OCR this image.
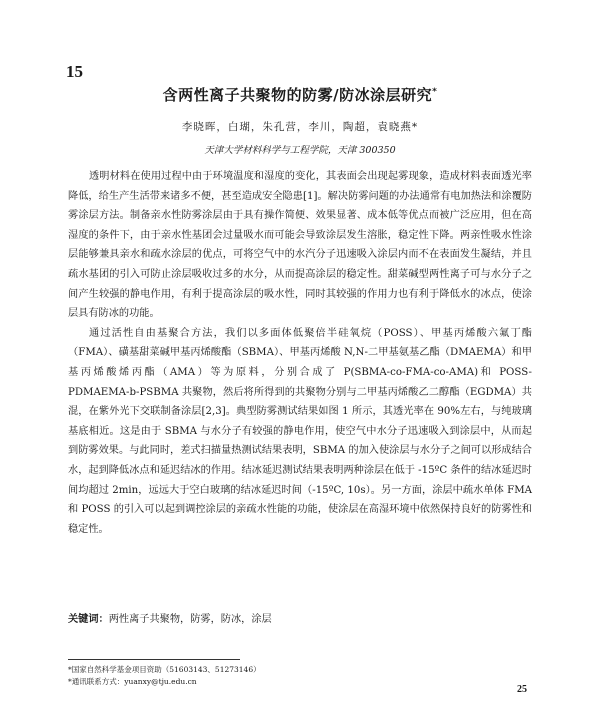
15
含两性离子共聚物的防雾/防冰涂层研究*
李晓晖，白瑚，朱孔营，李川，陶超，袁晓燕*
天津大学材料科学与工程学院，天津 300350

透明材料在使用过程中由于环境温度和湿度的变化，其表面会出现起雾现象，造成材料表面透光率降低，给生产生活带来诸多不便，甚至造成安全隐患[1]。解决防雾问题的办法通常有电加热法和涂覆防雾涂层方法。制备亲水性防雾涂层由于具有操作简便、效果显著、成本低等优点而被广泛应用，但在高湿度的条件下，由于亲水性基团会过量吸水而可能会导致涂层发生溶胀，稳定性下降。两亲性吸水性涂层能够兼具亲水和疏水涂层的优点，可将空气中的水汽分子迅速吸入涂层内而不在表面发生凝结，并且疏水基团的引入可防止涂层吸收过多的水分，从而提高涂层的稳定性。甜菜碱型两性离子可与水分子之间产生较强的静电作用，有利于提高涂层的吸水性，同时其较强的作用力也有利于降低水的冰点，使涂层具有防冰的功能。

通过活性自由基聚合方法，我们以多面体低聚倍半硅氧烷（POSS）、甲基丙烯酸六氟丁酯（FMA）、磺基甜菜碱甲基丙烯酸酯（SBMA）、甲基丙烯酸 N,N-二甲基氨基乙酯（DMAEMA）和甲基丙烯酸烯丙酯（AMA）等为原料，分别合成了 P(SBMA-co-FMA-co-AMA)和 POSS-PDMAEMA-b-PSBMA 共聚物，然后将所得到的共聚物分别与二甲基丙烯酸乙二醇酯（EGDMA）共混，在紫外光下交联制备涂层[2,3]。典型防雾测试结果如图 1 所示，其透光率在 90%左右，与纯玻璃基底相近。这是由于 SBMA 与水分子有较强的静电作用，使空气中水分子迅速吸入到涂层中，从而起到防雾效果。与此同时，差式扫描量热测试结果表明，SBMA 的加入使涂层与水分子之间可以形成结合水，起到降低冰点和延迟结冰的作用。结冰延迟测试结果表明两种涂层在低于 -15ºC 条件的结冰延迟时间均超过 2min，远远大于空白玻璃的结冰延迟时间（-15ºC, 10s）。另一方面，涂层中疏水单体 FMA 和 POSS 的引入可以起到调控涂层的亲疏水性能的功能，使涂层在高湿环境中依然保持良好的防雾性和稳定性。

关键词：两性离子共聚物，防雾，防冰，涂层
*国家自然科学基金项目资助（51603143、51273146）
*通讯联系方式：yuanxy@tju.edu.cn
25
